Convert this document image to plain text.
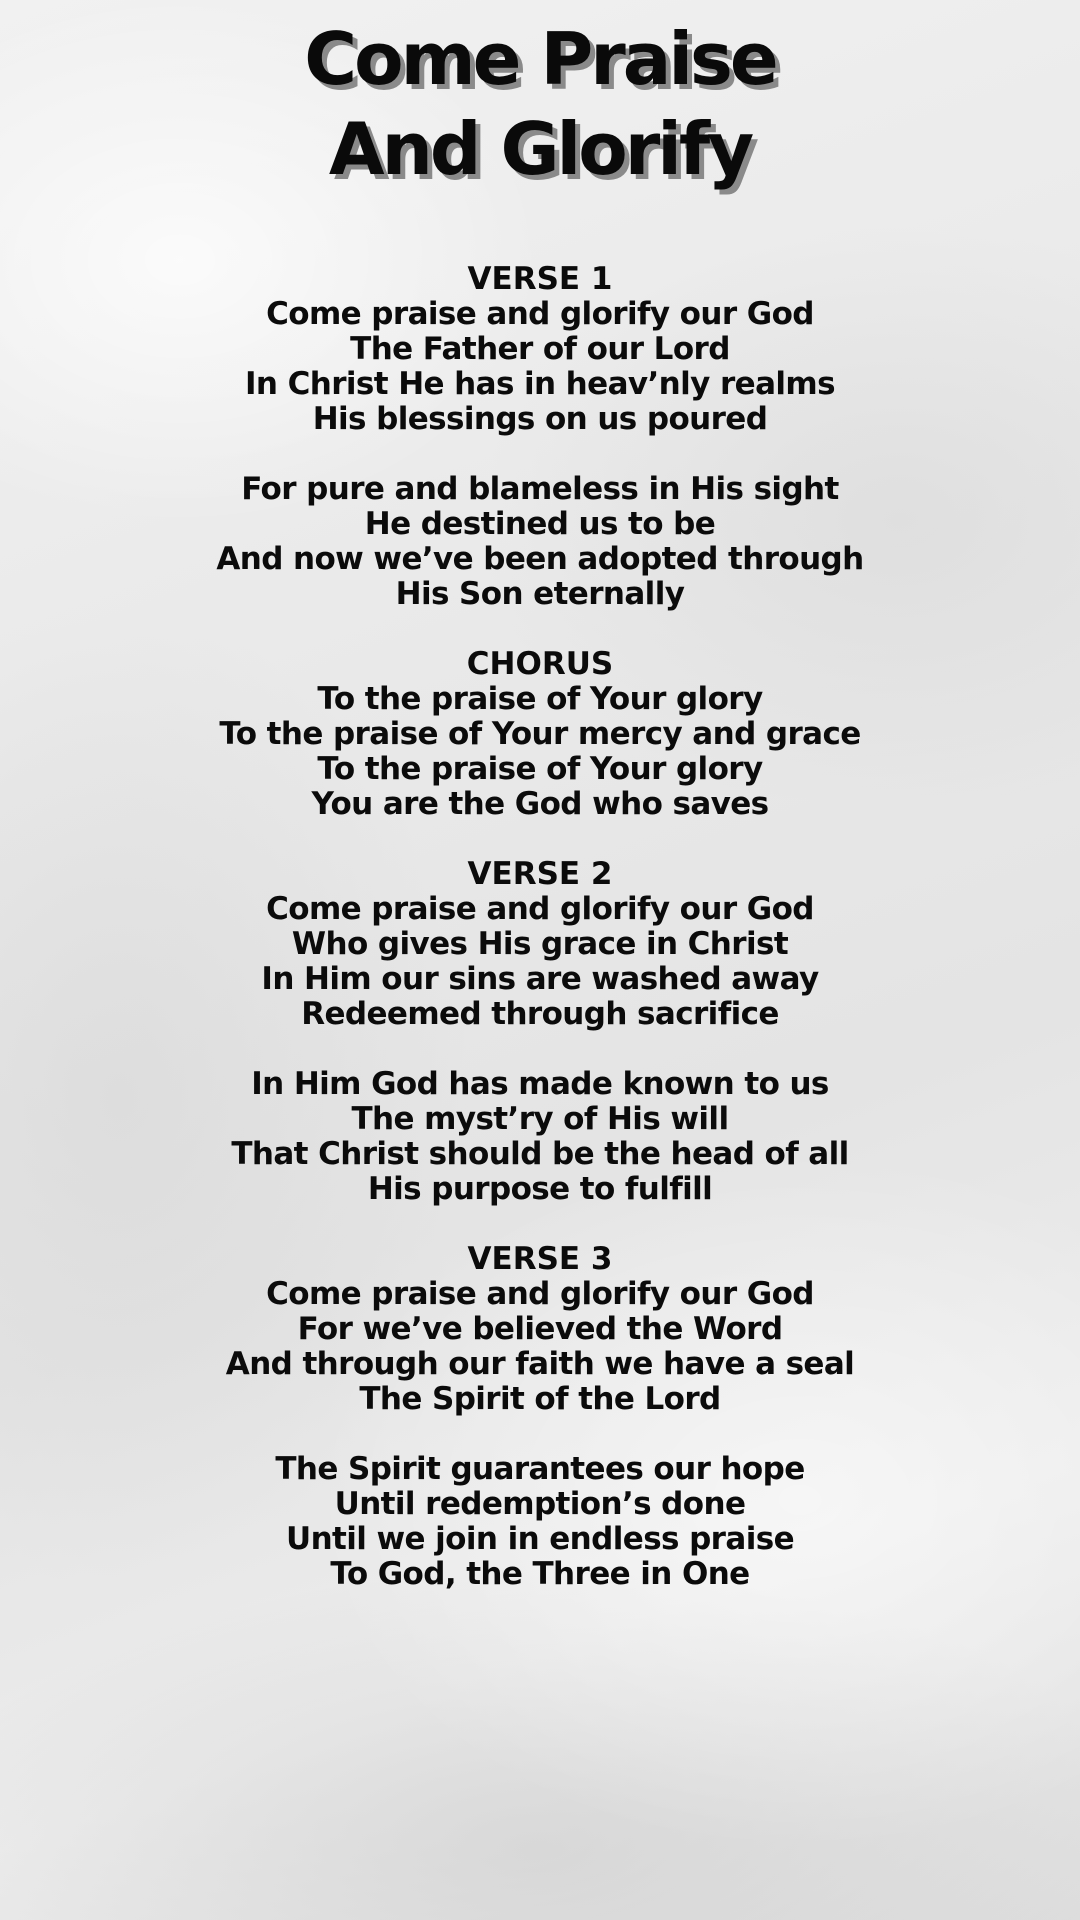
Come Praise
And Glorify
VERSE 1
Come praise and glorify our God
The Father of our Lord
In Christ He has in heav’nly realms
His blessings on us poured
For pure and blameless in His sight
He destined us to be
And now we’ve been adopted through
His Son eternally
CHORUS
To the praise of Your glory
To the praise of Your mercy and grace
To the praise of Your glory
You are the God who saves
VERSE 2
Come praise and glorify our God
Who gives His grace in Christ
In Him our sins are washed away
Redeemed through sacrifice
In Him God has made known to us
The myst’ry of His will
That Christ should be the head of all
His purpose to fulfill
VERSE 3
Come praise and glorify our God
For we’ve believed the Word
And through our faith we have a seal
The Spirit of the Lord
The Spirit guarantees our hope
Until redemption’s done
Until we join in endless praise
To God, the Three in One
